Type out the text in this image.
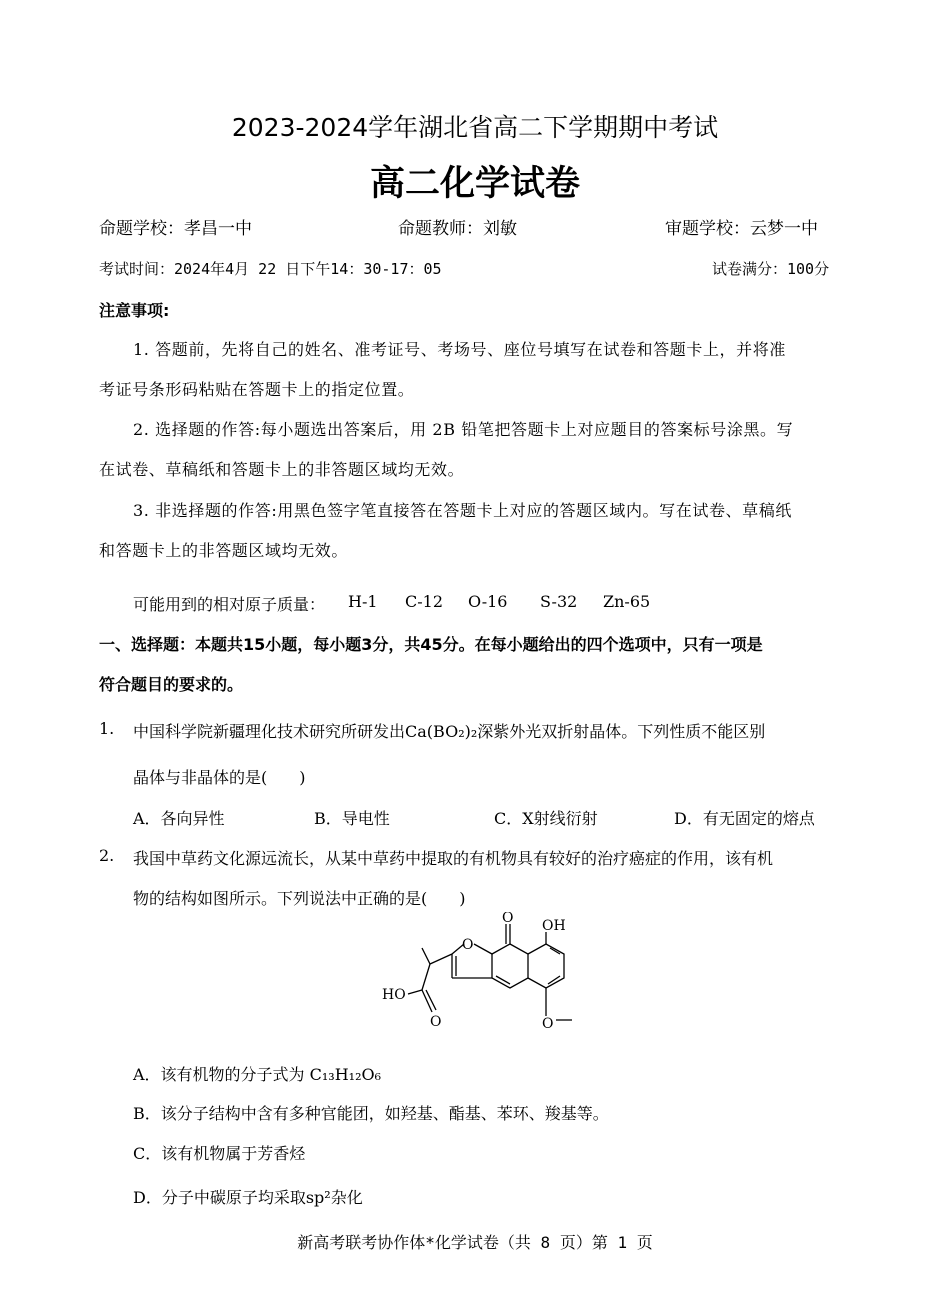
2023-2024学年湖北省高二下学期期中考试
高二化学试卷
命题学校：孝昌一中	命题教师：刘敏	审题学校：云梦一中
考试时间：2024年4月 22 日下午14：30-17：05	试卷满分：100分
注意事项:
1. 答题前，先将自己的姓名、准考证号、考场号、座位号填写在试卷和答题卡上，并将准
考证号条形码粘贴在答题卡上的指定位置。
2. 选择题的作答:每小题选出答案后，用 2B 铅笔把答题卡上对应题目的答案标号涂黑。写
在试卷、草稿纸和答题卡上的非答题区域均无效。
3. 非选择题的作答:用黑色签字笔直接答在答题卡上对应的答题区域内。写在试卷、草稿纸
和答题卡上的非答题区域均无效。
可能用到的相对原子质量： H-1 C-12 O-16 S-32 Zn-65
一、选择题：本题共15小题，每小题3分，共45分。在每小题给出的四个选项中，只有一项是
符合题目的要求的。
1. 中国科学院新疆理化技术研究所研发出Ca(BO₂)₂深紫外光双折射晶体。下列性质不能区别
晶体与非晶体的是(　　)
A．各向异性	B．导电性	C．X射线衍射	D．有无固定的熔点
2. 我国中草药文化源远流长，从某中草药中提取的有机物具有较好的治疗癌症的作用，该有机
物的结构如图所示。下列说法中正确的是(　　)
O
O
OH
HO
O	O
A．该有机物的分子式为 C₁₃H₁₂O₆
B．该分子结构中含有多种官能团，如羟基、酯基、苯环、羧基等。
C．该有机物属于芳香烃
D．分子中碳原子均采取sp²杂化
新高考联考协作体*化学试卷（共 8 页）第 1 页
